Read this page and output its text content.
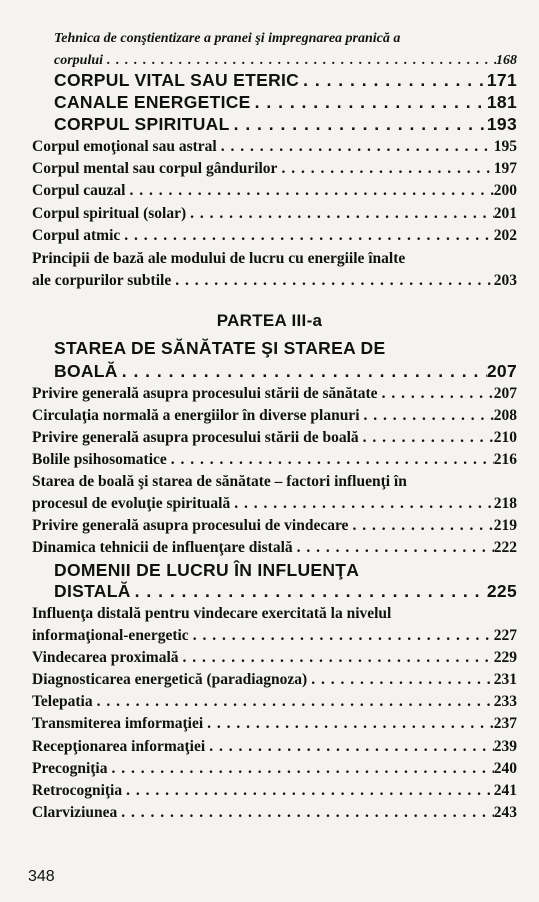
Tehnica de conştientizare a pranei şi impregnarea pranică a
corpului . . .	168
CORPUL VITAL SAU ETERIC . . .	171
CANALE ENERGETICE . . .	181
CORPUL SPIRITUAL . . .	193
Corpul emoţional sau astral . . .	195
Corpul mental sau corpul gândurilor . . .	197
Corpul cauzal . . .	200
Corpul spiritual (solar) . . .	201
Corpul atmic . . .	202
Principii de bază ale modului de lucru cu energiile înalte
ale corpurilor subtile . . .	203
PARTEA III-a
STAREA DE SĂNĂTATE ŞI STAREA DE
BOALĂ . . .	207
Privire generală asupra procesului stării de sănătate . . .	207
Circulaţia normală a energiilor în diverse planuri . . .	208
Privire generală asupra procesului stării de boală . . .	210
Bolile psihosomatice . . .	216
Starea de boală şi starea de sănătate – factori influenţi în
procesul de evoluţie spirituală . . .	218
Privire generală asupra procesului de vindecare . . .	219
Dinamica tehnicii de influenţare distală . . .	222
DOMENII DE LUCRU ÎN INFLUENŢA
DISTALĂ . . .	225
Influenţa distală pentru vindecare exercitată la nivelul
informaţional-energetic . . .	227
Vindecarea proximală . . .	229
Diagnosticarea energetică (paradiagnoza) . . .	231
Telepatia . . .	233
Transmiterea imformaţiei . . .	237
Recepţionarea informaţiei . . .	239
Precogniţia . . .	240
Retrocogniţia . . .	241
Clarviziunea . . .	243
348
